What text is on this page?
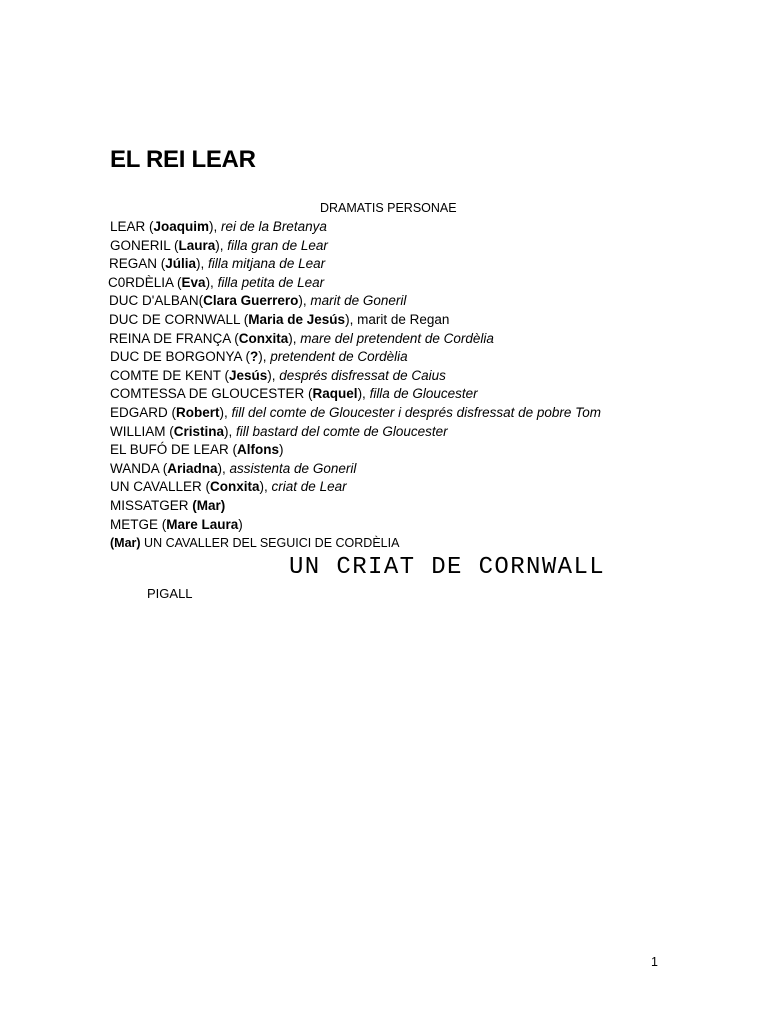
EL REI LEAR
DRAMATIS PERSONAE
LEAR (Joaquim), rei de la Bretanya
GONERIL (Laura), filla gran de Lear
REGAN (Júlia), filla mitjana de Lear
C0RDÈLIA (Eva), filla petita de Lear
DUC D'ALBAN(Clara Guerrero), marit de Goneril
DUC DE CORNWALL (Maria de Jesús), marit de Regan
REINA DE FRANÇA (Conxita), mare del pretendent de Cordèlia
DUC DE BORGONYA (?), pretendent de Cordèlia
COMTE DE KENT (Jesús), després disfressat de Caius
COMTESSA DE GLOUCESTER (Raquel), filla de Gloucester
EDGARD (Robert), fill del comte de Gloucester i després disfressat de pobre Tom
WILLIAM (Cristina), fill bastard del comte de Gloucester
EL BUFÓ DE LEAR (Alfons)
WANDA (Ariadna), assistenta de Goneril
UN CAVALLER (Conxita), criat de Lear
MISSATGER (Mar)
METGE (Mare Laura)
(Mar) UN CAVALLER DEL SEGUICI DE CORDÈLIA
UN CRIAT DE CORNWALL
PIGALL
1
